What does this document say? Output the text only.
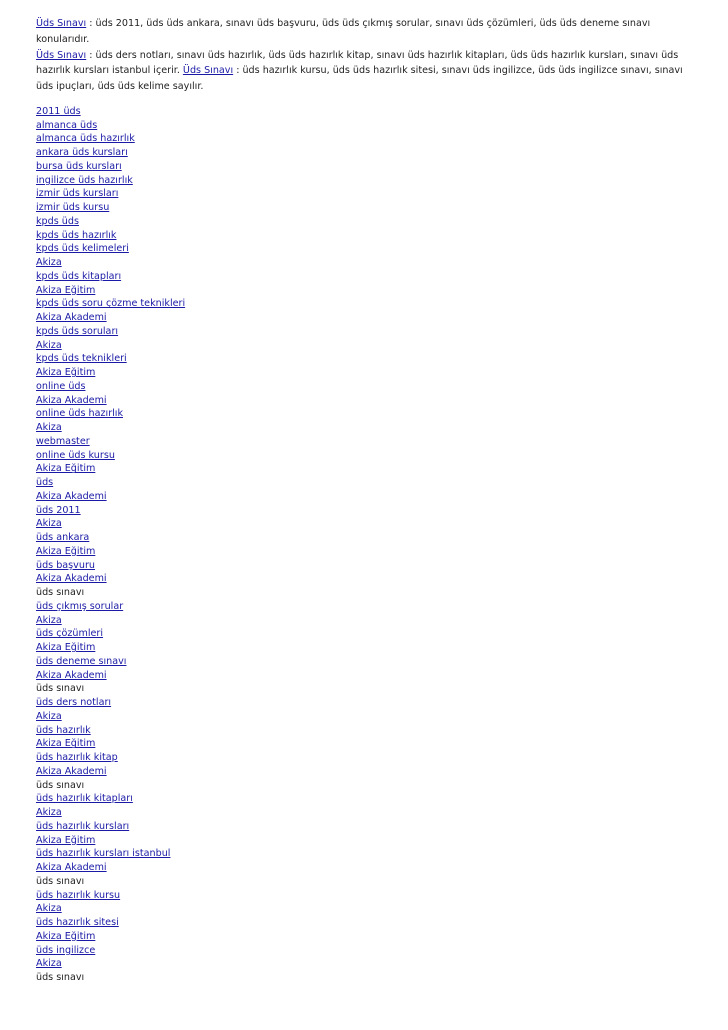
Üds Sınavı : üds 2011, üds üds ankara, sınavı üds başvuru, üds üds çıkmış sorular, sınavı üds çözümleri, üds üds deneme sınavı konularıdır.
Üds Sınavı : üds ders notları, sınavı üds hazırlık, üds üds hazırlık kitap, sınavı üds hazırlık kitapları, üds üds hazırlık kursları, sınavı üds hazırlık kursları istanbul içerir. Üds Sınavı : üds hazırlık kursu, üds üds hazırlık sitesi, sınavı üds ingilizce, üds üds ingilizce sınavı, sınavı üds ipuçları, üds üds kelime sayılır.

2011 üds
almanca üds
almanca üds hazırlık
ankara üds kursları
bursa üds kursları
ingilizce üds hazırlık
izmir üds kursları
izmir üds kursu
kpds üds
kpds üds hazırlık
kpds üds kelimeleri
Akiza
kpds üds kitapları
Akiza Eğitim
kpds üds soru çözme teknikleri
Akiza Akademi
kpds üds soruları
Akiza
kpds üds teknikleri
Akiza Eğitim
online üds
Akiza Akademi
online üds hazırlık
Akiza
webmaster
online üds kursu
Akiza Eğitim
üds
Akiza Akademi
üds 2011
Akiza
üds ankara
Akiza Eğitim
üds başvuru
Akiza Akademi
üds sınavı
üds çıkmış sorular
Akiza
üds çözümleri
Akiza Eğitim
üds deneme sınavı
Akiza Akademi
üds sınavı
üds ders notları
Akiza
üds hazırlık
Akiza Eğitim
üds hazırlık kitap
Akiza Akademi
üds sınavı
üds hazırlık kitapları
Akiza
üds hazırlık kursları
Akiza Eğitim
üds hazırlık kursları istanbul
Akiza Akademi
üds sınavı
üds hazırlık kursu
Akiza
üds hazırlık sitesi
Akiza Eğitim
üds ingilizce
Akiza
üds sınavı
